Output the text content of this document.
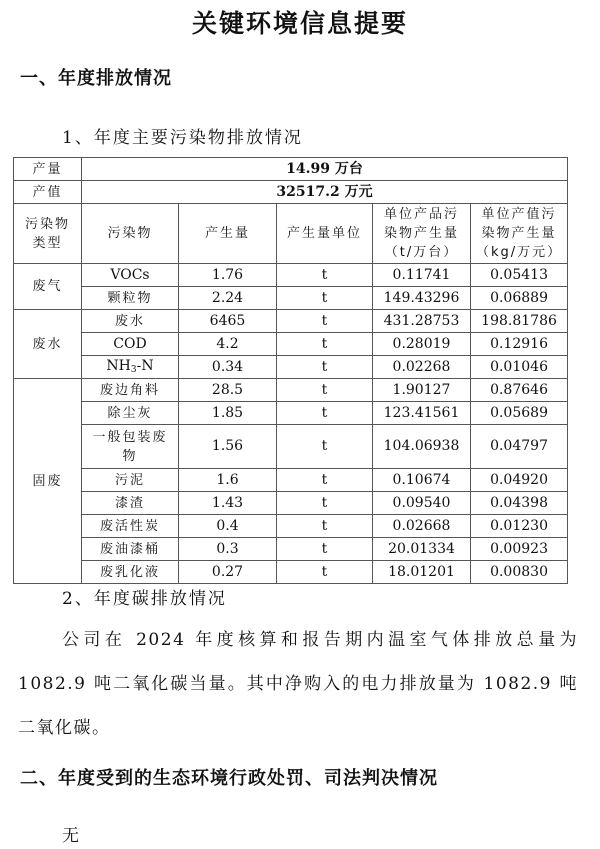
关键环境信息提要
一、年度排放情况
1、年度主要污染物排放情况
产量	14.99 万台				
产值	32517.2 万元				
污染物类型	污染物	产生量	产生量单位	单位产品污染物产生量（t/万台）	单位产值污染物产生量（kg/万元）
废气	VOCs	1.76	t	0.11741	0.05413
	颗粒物	2.24	t	149.43296	0.06889
废水	废水	6465	t	431.28753	198.81786
	COD	4.2	t	0.28019	0.12916
	$NH_3-N$	0.34	t	0.02268	0.01046
固废	废边角料	28.5	t	1.90127	0.87646
	除尘灰	1.85	t	123.41561	0.05689
	一般包装废物	1.56	t	104.06938	0.04797
	污泥	1.6	t	0.10674	0.04920
	漆渣	1.43	t	0.09540	0.04398
	废活性炭	0.4	t	0.02668	0.01230
	废油漆桶	0.3	t	20.01334	0.00923
	废乳化液	0.27	t	18.01201	0.00830
2、年度碳排放情况
公司在 2024 年度核算和报告期内温室气体排放总量为 1082.9 吨二氧化碳当量。其中净购入的电力排放量为 1082.9 吨二氧化碳。
二、年度受到的生态环境行政处罚、司法判决情况
无
